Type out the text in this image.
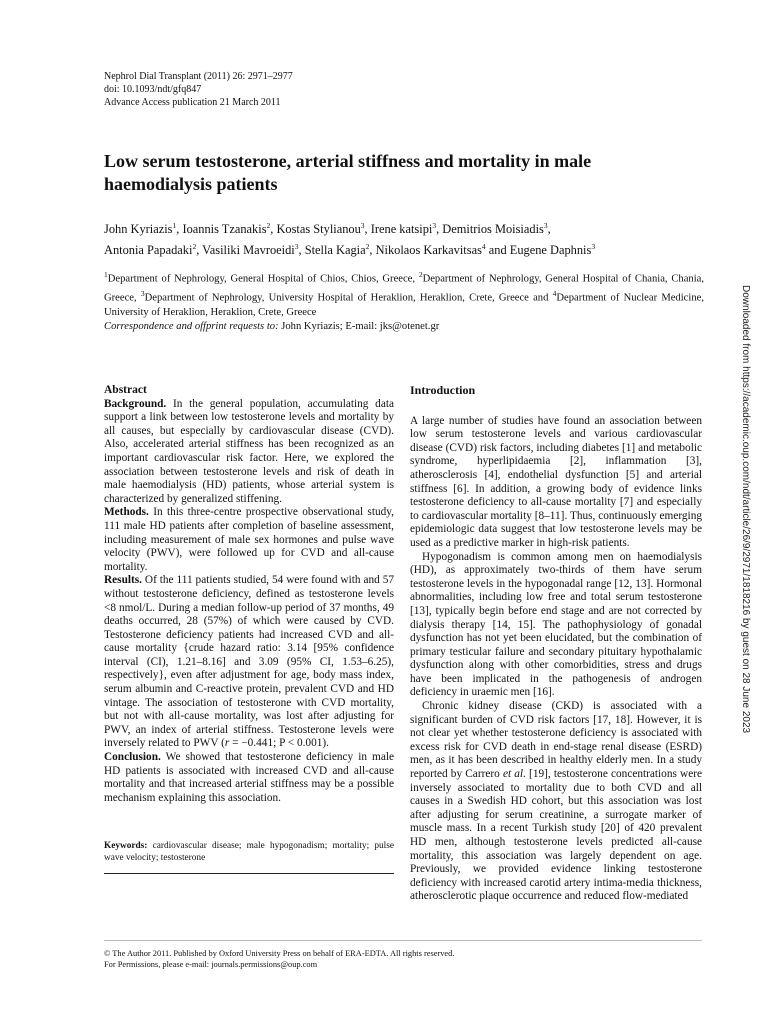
Nephrol Dial Transplant (2011) 26: 2971–2977
doi: 10.1093/ndt/gfq847
Advance Access publication 21 March 2011
Low serum testosterone, arterial stiffness and mortality in male haemodialysis patients
John Kyriazis$^1$, Ioannis Tzanakis$^2$, Kostas Stylianou$^3$, Irene katsipi$^3$, Demitrios Moisiadis$^3$,
Antonia Papadaki$^2$, Vasiliki Mavroeidi$^3$, Stella Kagia$^2$, Nikolaos Karkavitsas$^4$ and Eugene Daphnis$^3$
$^1$Department of Nephrology, General Hospital of Chios, Chios, Greece, $^2$Department of Nephrology, General Hospital of Chania, Chania, Greece, $^3$Department of Nephrology, University Hospital of Heraklion, Heraklion, Crete, Greece and $^4$Department of Nuclear Medicine, University of Heraklion, Heraklion, Crete, Greece
Correspondence and offprint requests to: John Kyriazis; E-mail: jks@otenet.gr	Downloaded from https://academic.oup.com/ndt/article/26/9/2971/1818216 by guest on 28 June 2023

Abstract
Background. In the general population, accumulating data support a link between low testosterone levels and mortality by all causes, but especially by cardiovascular disease (CVD). Also, accelerated arterial stiffness has been recognized as an important cardiovascular risk factor. Here, we explored the association between testosterone levels and risk of death in male haemodialysis (HD) patients, whose arterial system is characterized by generalized stiffening.
Methods. In this three-centre prospective observational study, 111 male HD patients after completion of baseline assessment, including measurement of male sex hormones and pulse wave velocity (PWV), were followed up for CVD and all-cause mortality.
Results. Of the 111 patients studied, 54 were found with and 57 without testosterone deficiency, defined as testosterone levels <8 nmol/L. During a median follow-up period of 37 months, 49 deaths occurred, 28 (57%) of which were caused by CVD. Testosterone deficiency patients had increased CVD and all-cause mortality {crude hazard ratio: 3.14 [95% confidence interval (CI), 1.21–8.16] and 3.09 (95% CI, 1.53–6.25), respectively}, even after adjustment for age, body mass index, serum albumin and C-reactive protein, prevalent CVD and HD vintage. The association of testosterone with CVD mortality, but not with all-cause mortality, was lost after adjusting for PWV, an index of arterial stiffness. Testosterone levels were inversely related to PWV (r = −0.441; P < 0.001).
Conclusion. We showed that testosterone deficiency in male HD patients is associated with increased CVD and all-cause mortality and that increased arterial stiffness may be a possible mechanism explaining this association.

Keywords: cardiovascular disease; male hypogonadism; mortality; pulse wave velocity; testosterone
Introduction

A large number of studies have found an association between low serum testosterone levels and various cardiovascular disease (CVD) risk factors, including diabetes [1] and metabolic syndrome, hyperlipidaemia [2], inflammation [3], atherosclerosis [4], endothelial dysfunction [5] and arterial stiffness [6]. In addition, a growing body of evidence links testosterone deficiency to all-cause mortality [7] and especially to cardiovascular mortality [8–11]. Thus, continuously emerging epidemiologic data suggest that low testosterone levels may be used as a predictive marker in high-risk patients.

Hypogonadism is common among men on haemodialysis (HD), as approximately two-thirds of them have serum testosterone levels in the hypogonadal range [12, 13]. Hormonal abnormalities, including low free and total serum testosterone [13], typically begin before end stage and are not corrected by dialysis therapy [14, 15]. The pathophysiology of gonadal dysfunction has not yet been elucidated, but the combination of primary testicular failure and secondary pituitary hypothalamic dysfunction along with other comorbidities, stress and drugs have been implicated in the pathogenesis of androgen deficiency in uraemic men [16].

Chronic kidney disease (CKD) is associated with a significant burden of CVD risk factors [17, 18]. However, it is not clear yet whether testosterone deficiency is associated with excess risk for CVD death in end-stage renal disease (ESRD) men, as it has been described in healthy elderly men. In a study reported by Carrero et al. [19], testosterone concentrations were inversely associated to mortality due to both CVD and all causes in a Swedish HD cohort, but this association was lost after adjusting for serum creatinine, a surrogate marker of muscle mass. In a recent Turkish study [20] of 420 prevalent HD men, although testosterone levels predicted all-cause mortality, this association was largely dependent on age. Previously, we provided evidence linking testosterone deficiency with increased carotid artery intima-media thickness, atherosclerotic plaque occurrence and reduced flow-mediated

© The Author 2011. Published by Oxford University Press on behalf of ERA-EDTA. All rights reserved.
For Permissions, please e-mail: journals.permissions@oup.com
